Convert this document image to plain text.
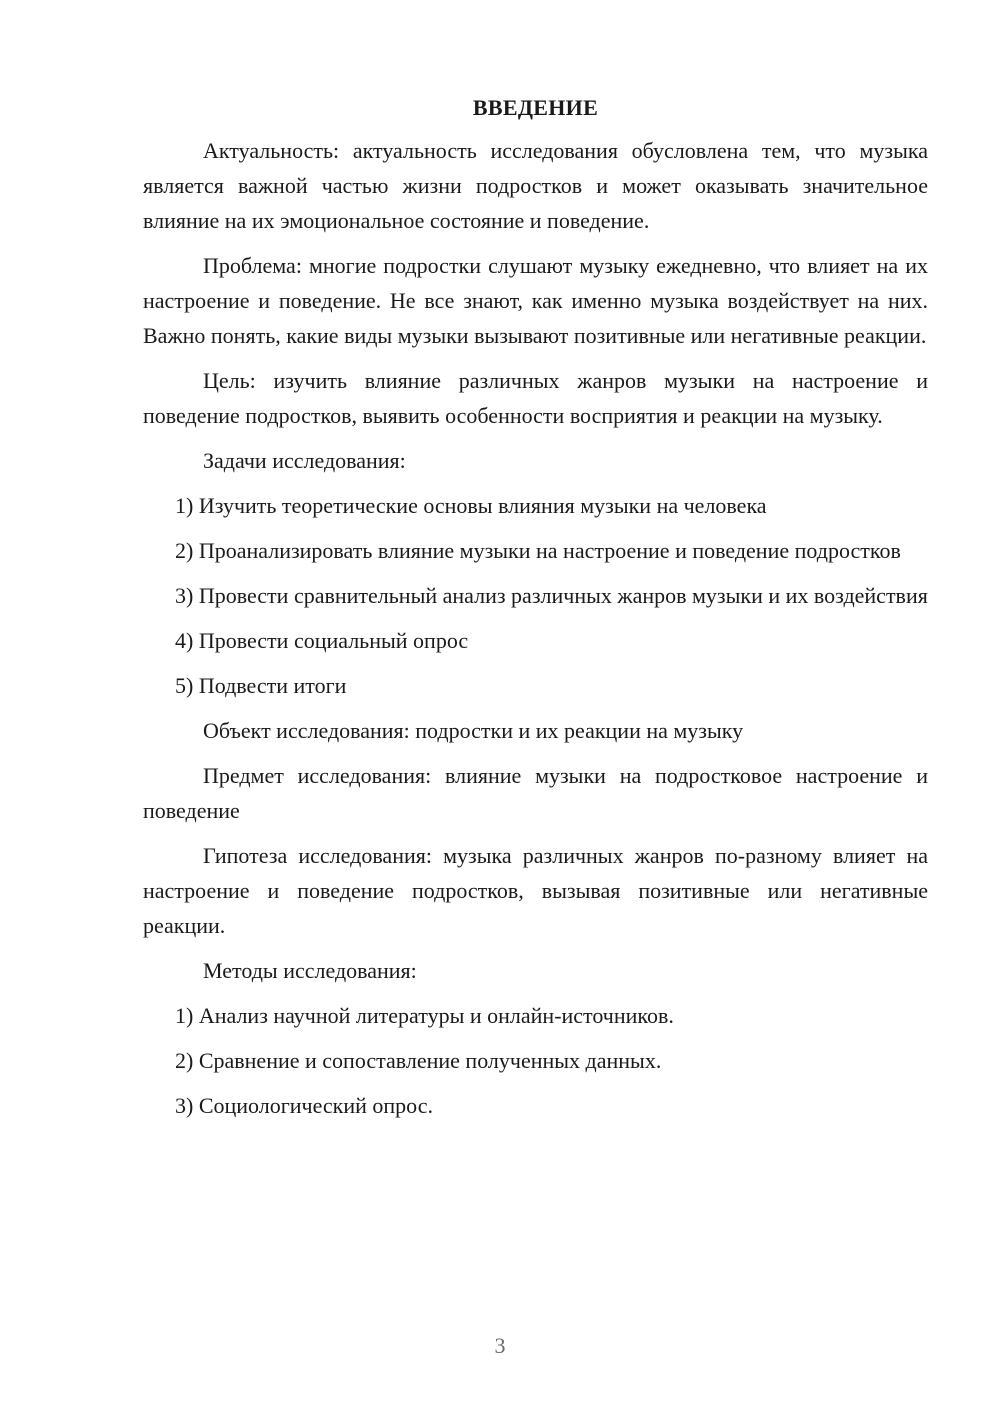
ВВЕДЕНИЕ
Актуальность: актуальность исследования обусловлена тем, что музыка является важной частью жизни подростков и может оказывать значительное влияние на их эмоциональное состояние и поведение.
Проблема: многие подростки слушают музыку ежедневно, что влияет на их настроение и поведение. Не все знают, как именно музыка воздействует на них. Важно понять, какие виды музыки вызывают позитивные или негативные реакции.
Цель: изучить влияние различных жанров музыки на настроение и поведение подростков, выявить особенности восприятия и реакции на музыку.
Задачи исследования:
1) Изучить теоретические основы влияния музыки на человека
2) Проанализировать влияние музыки на настроение и поведение подростков
3) Провести сравнительный анализ различных жанров музыки и их воздействия
4) Провести социальный опрос
5) Подвести итоги
Объект исследования: подростки и их реакции на музыку
Предмет исследования: влияние музыки на подростковое настроение и поведение
Гипотеза исследования: музыка различных жанров по-разному влияет на настроение и поведение подростков, вызывая позитивные или негативные реакции.
Методы исследования:
1) Анализ научной литературы и онлайн-источников.
2) Сравнение и сопоставление полученных данных.
3) Социологический опрос.
3
